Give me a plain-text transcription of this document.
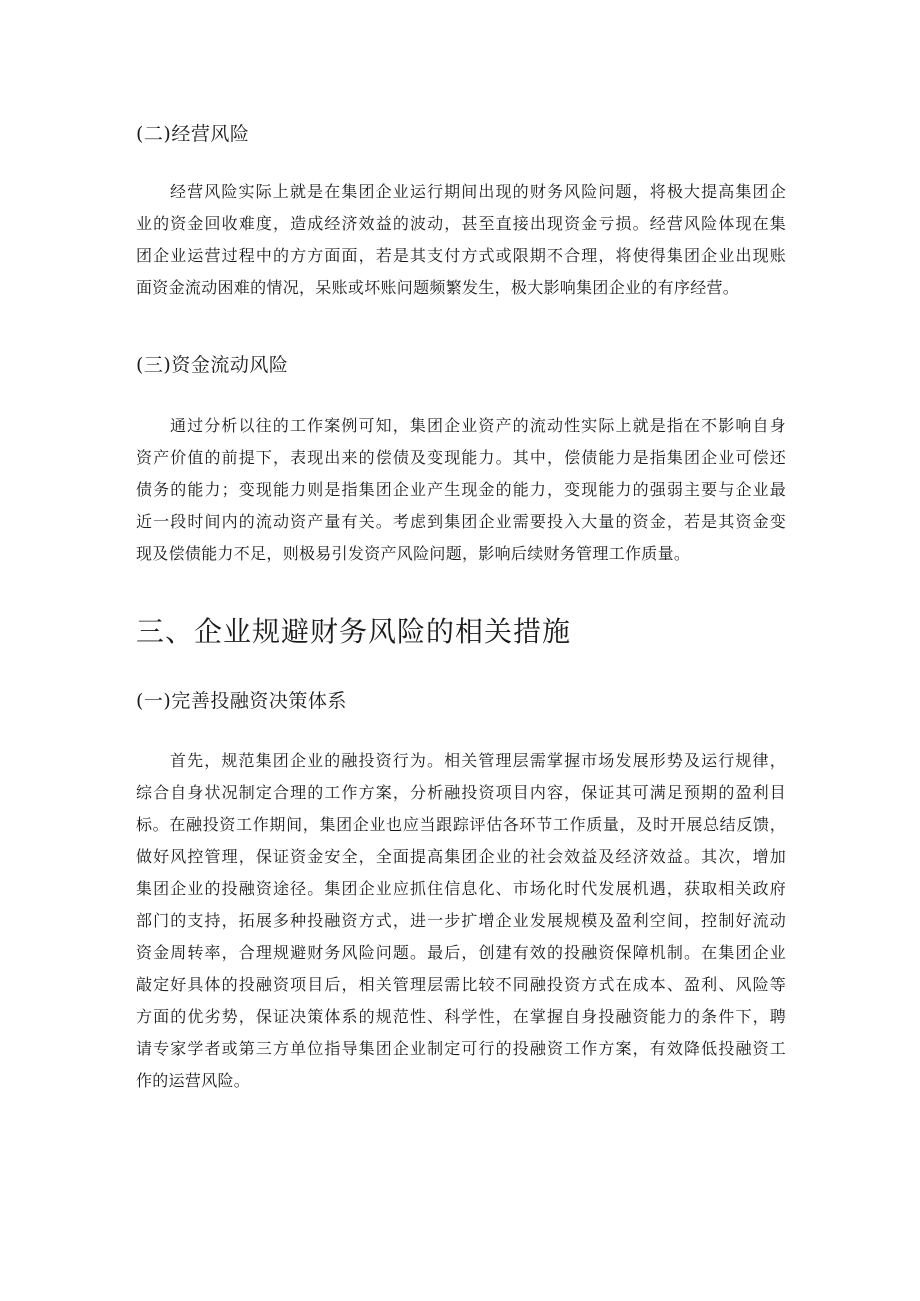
(二)经营风险
经营风险实际上就是在集团企业运行期间出现的财务风险问题，将极大提高集团企
业的资金回收难度，造成经济效益的波动，甚至直接出现资金亏损。经营风险体现在集
团企业运营过程中的方方面面，若是其支付方式或限期不合理，将使得集团企业出现账
面资金流动困难的情况，呆账或坏账问题频繁发生，极大影响集团企业的有序经营。
(三)资金流动风险
通过分析以往的工作案例可知，集团企业资产的流动性实际上就是指在不影响自身
资产价值的前提下，表现出来的偿债及变现能力。其中，偿债能力是指集团企业可偿还
债务的能力；变现能力则是指集团企业产生现金的能力，变现能力的强弱主要与企业最
近一段时间内的流动资产量有关。考虑到集团企业需要投入大量的资金，若是其资金变
现及偿债能力不足，则极易引发资产风险问题，影响后续财务管理工作质量。
三、企业规避财务风险的相关措施
(一)完善投融资决策体系
首先，规范集团企业的融投资行为。相关管理层需掌握市场发展形势及运行规律，
综合自身状况制定合理的工作方案，分析融投资项目内容，保证其可满足预期的盈利目
标。在融投资工作期间，集团企业也应当跟踪评估各环节工作质量，及时开展总结反馈，
做好风控管理，保证资金安全，全面提高集团企业的社会效益及经济效益。其次，增加
集团企业的投融资途径。集团企业应抓住信息化、市场化时代发展机遇，获取相关政府
部门的支持，拓展多种投融资方式，进一步扩增企业发展规模及盈利空间，控制好流动
资金周转率，合理规避财务风险问题。最后，创建有效的投融资保障机制。在集团企业
敲定好具体的投融资项目后，相关管理层需比较不同融投资方式在成本、盈利、风险等
方面的优劣势，保证决策体系的规范性、科学性，在掌握自身投融资能力的条件下，聘
请专家学者或第三方单位指导集团企业制定可行的投融资工作方案，有效降低投融资工
作的运营风险。
